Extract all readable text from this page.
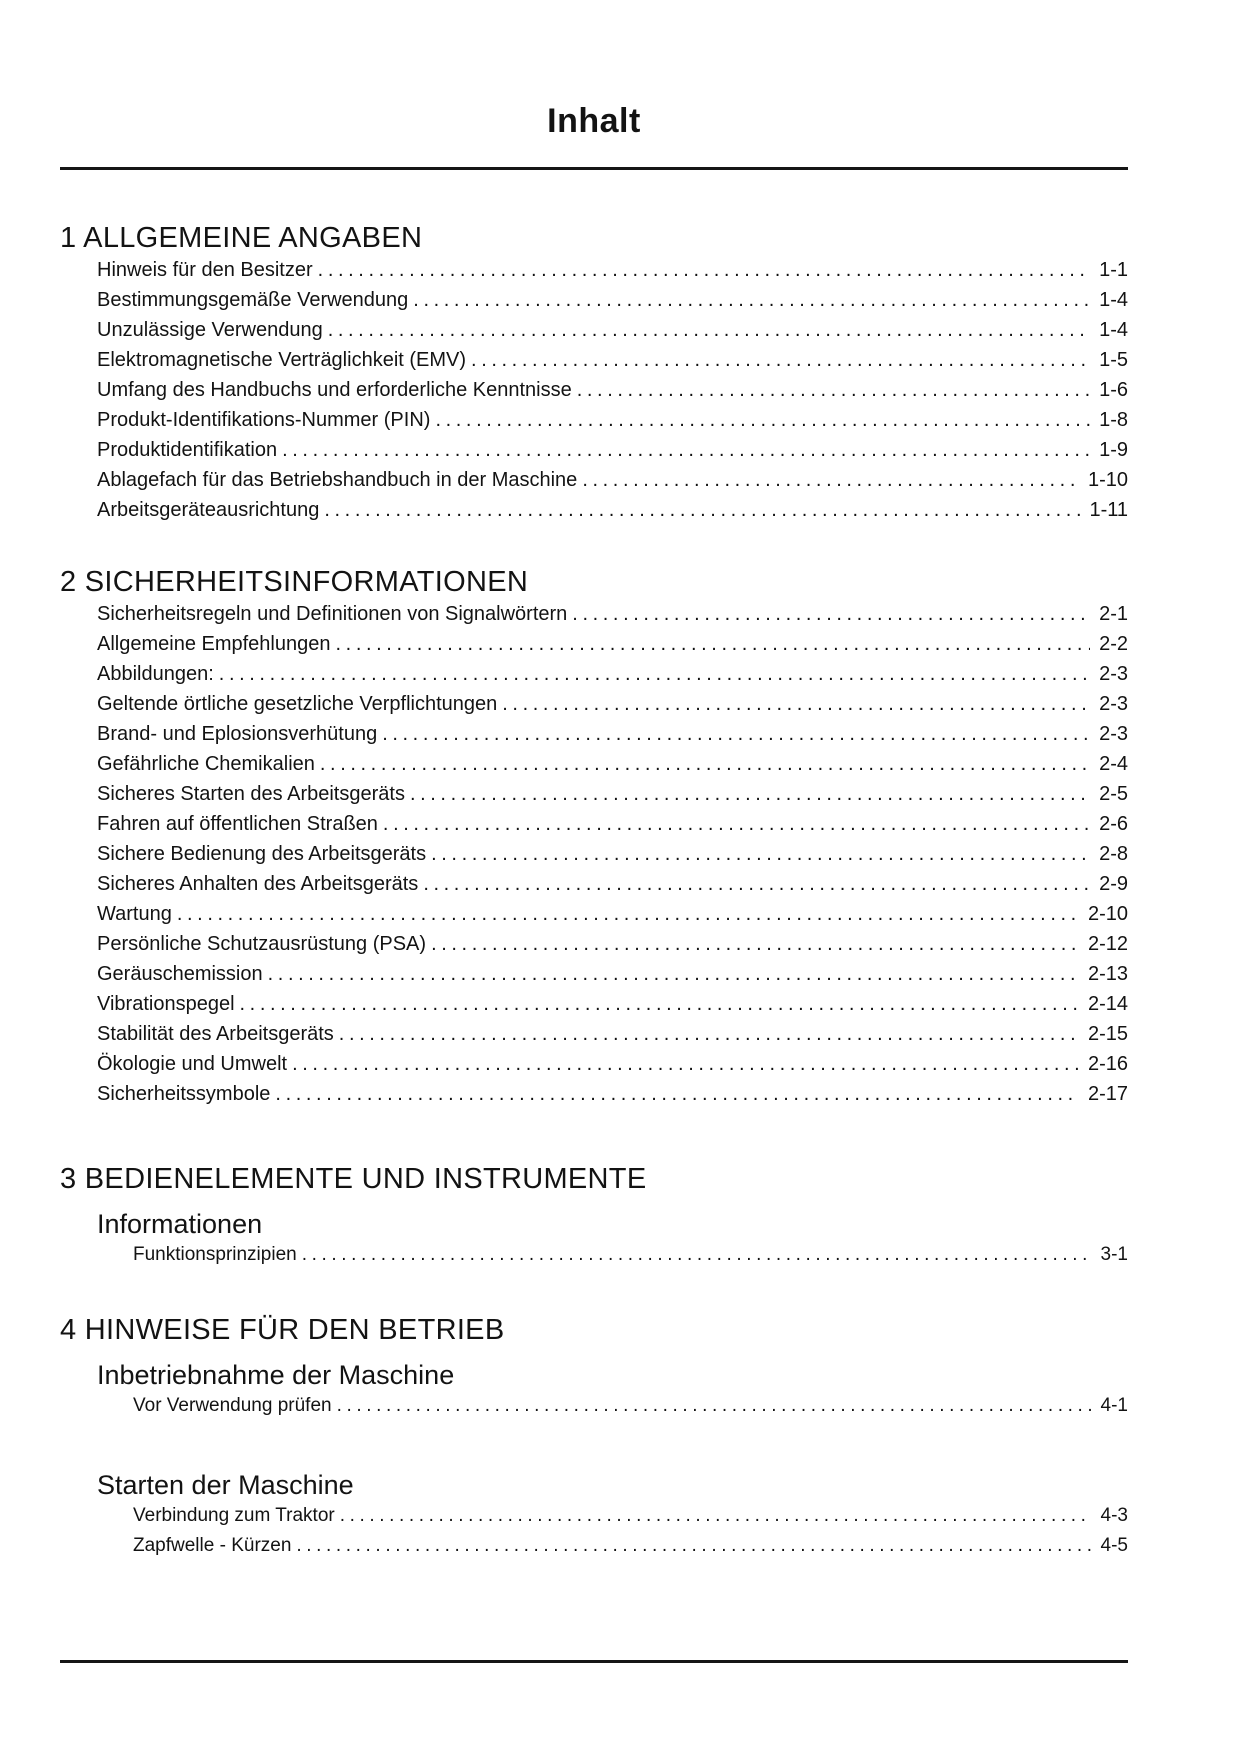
Inhalt
1 ALLGEMEINE ANGABEN
Hinweis für den Besitzer .....	1-1
Bestimmungsgemäße Verwendung .....	1-4
Unzulässige Verwendung .....	1-4
Elektromagnetische Verträglichkeit (EMV) .....	1-5
Umfang des Handbuchs und erforderliche Kenntnisse .....	1-6
Produkt-Identifikations-Nummer (PIN) .....	1-8
Produktidentifikation .....	1-9
Ablagefach für das Betriebshandbuch in der Maschine .....	1-10
Arbeitsgeräteausrichtung .....	1-11
2 SICHERHEITSINFORMATIONEN
Sicherheitsregeln und Definitionen von Signalwörtern .....	2-1
Allgemeine Empfehlungen .....	2-2
Abbildungen: .....	2-3
Geltende örtliche gesetzliche Verpflichtungen .....	2-3
Brand- und Eplosionsverhütung .....	2-3
Gefährliche Chemikalien .....	2-4
Sicheres Starten des Arbeitsgeräts .....	2-5
Fahren auf öffentlichen Straßen .....	2-6
Sichere Bedienung des Arbeitsgeräts .....	2-8
Sicheres Anhalten des Arbeitsgeräts .....	2-9
Wartung .....	2-10
Persönliche Schutzausrüstung (PSA) .....	2-12
Geräuschemission .....	2-13
Vibrationspegel .....	2-14
Stabilität des Arbeitsgeräts .....	2-15
Ökologie und Umwelt .....	2-16
Sicherheitssymbole .....	2-17
3 BEDIENELEMENTE UND INSTRUMENTE
Informationen
Funktionsprinzipien .....	3-1
4 HINWEISE FÜR DEN BETRIEB
Inbetriebnahme der Maschine
Vor Verwendung prüfen .....	4-1
Starten der Maschine
Verbindung zum Traktor .....	4-3
Zapfwelle - Kürzen .....	4-5
